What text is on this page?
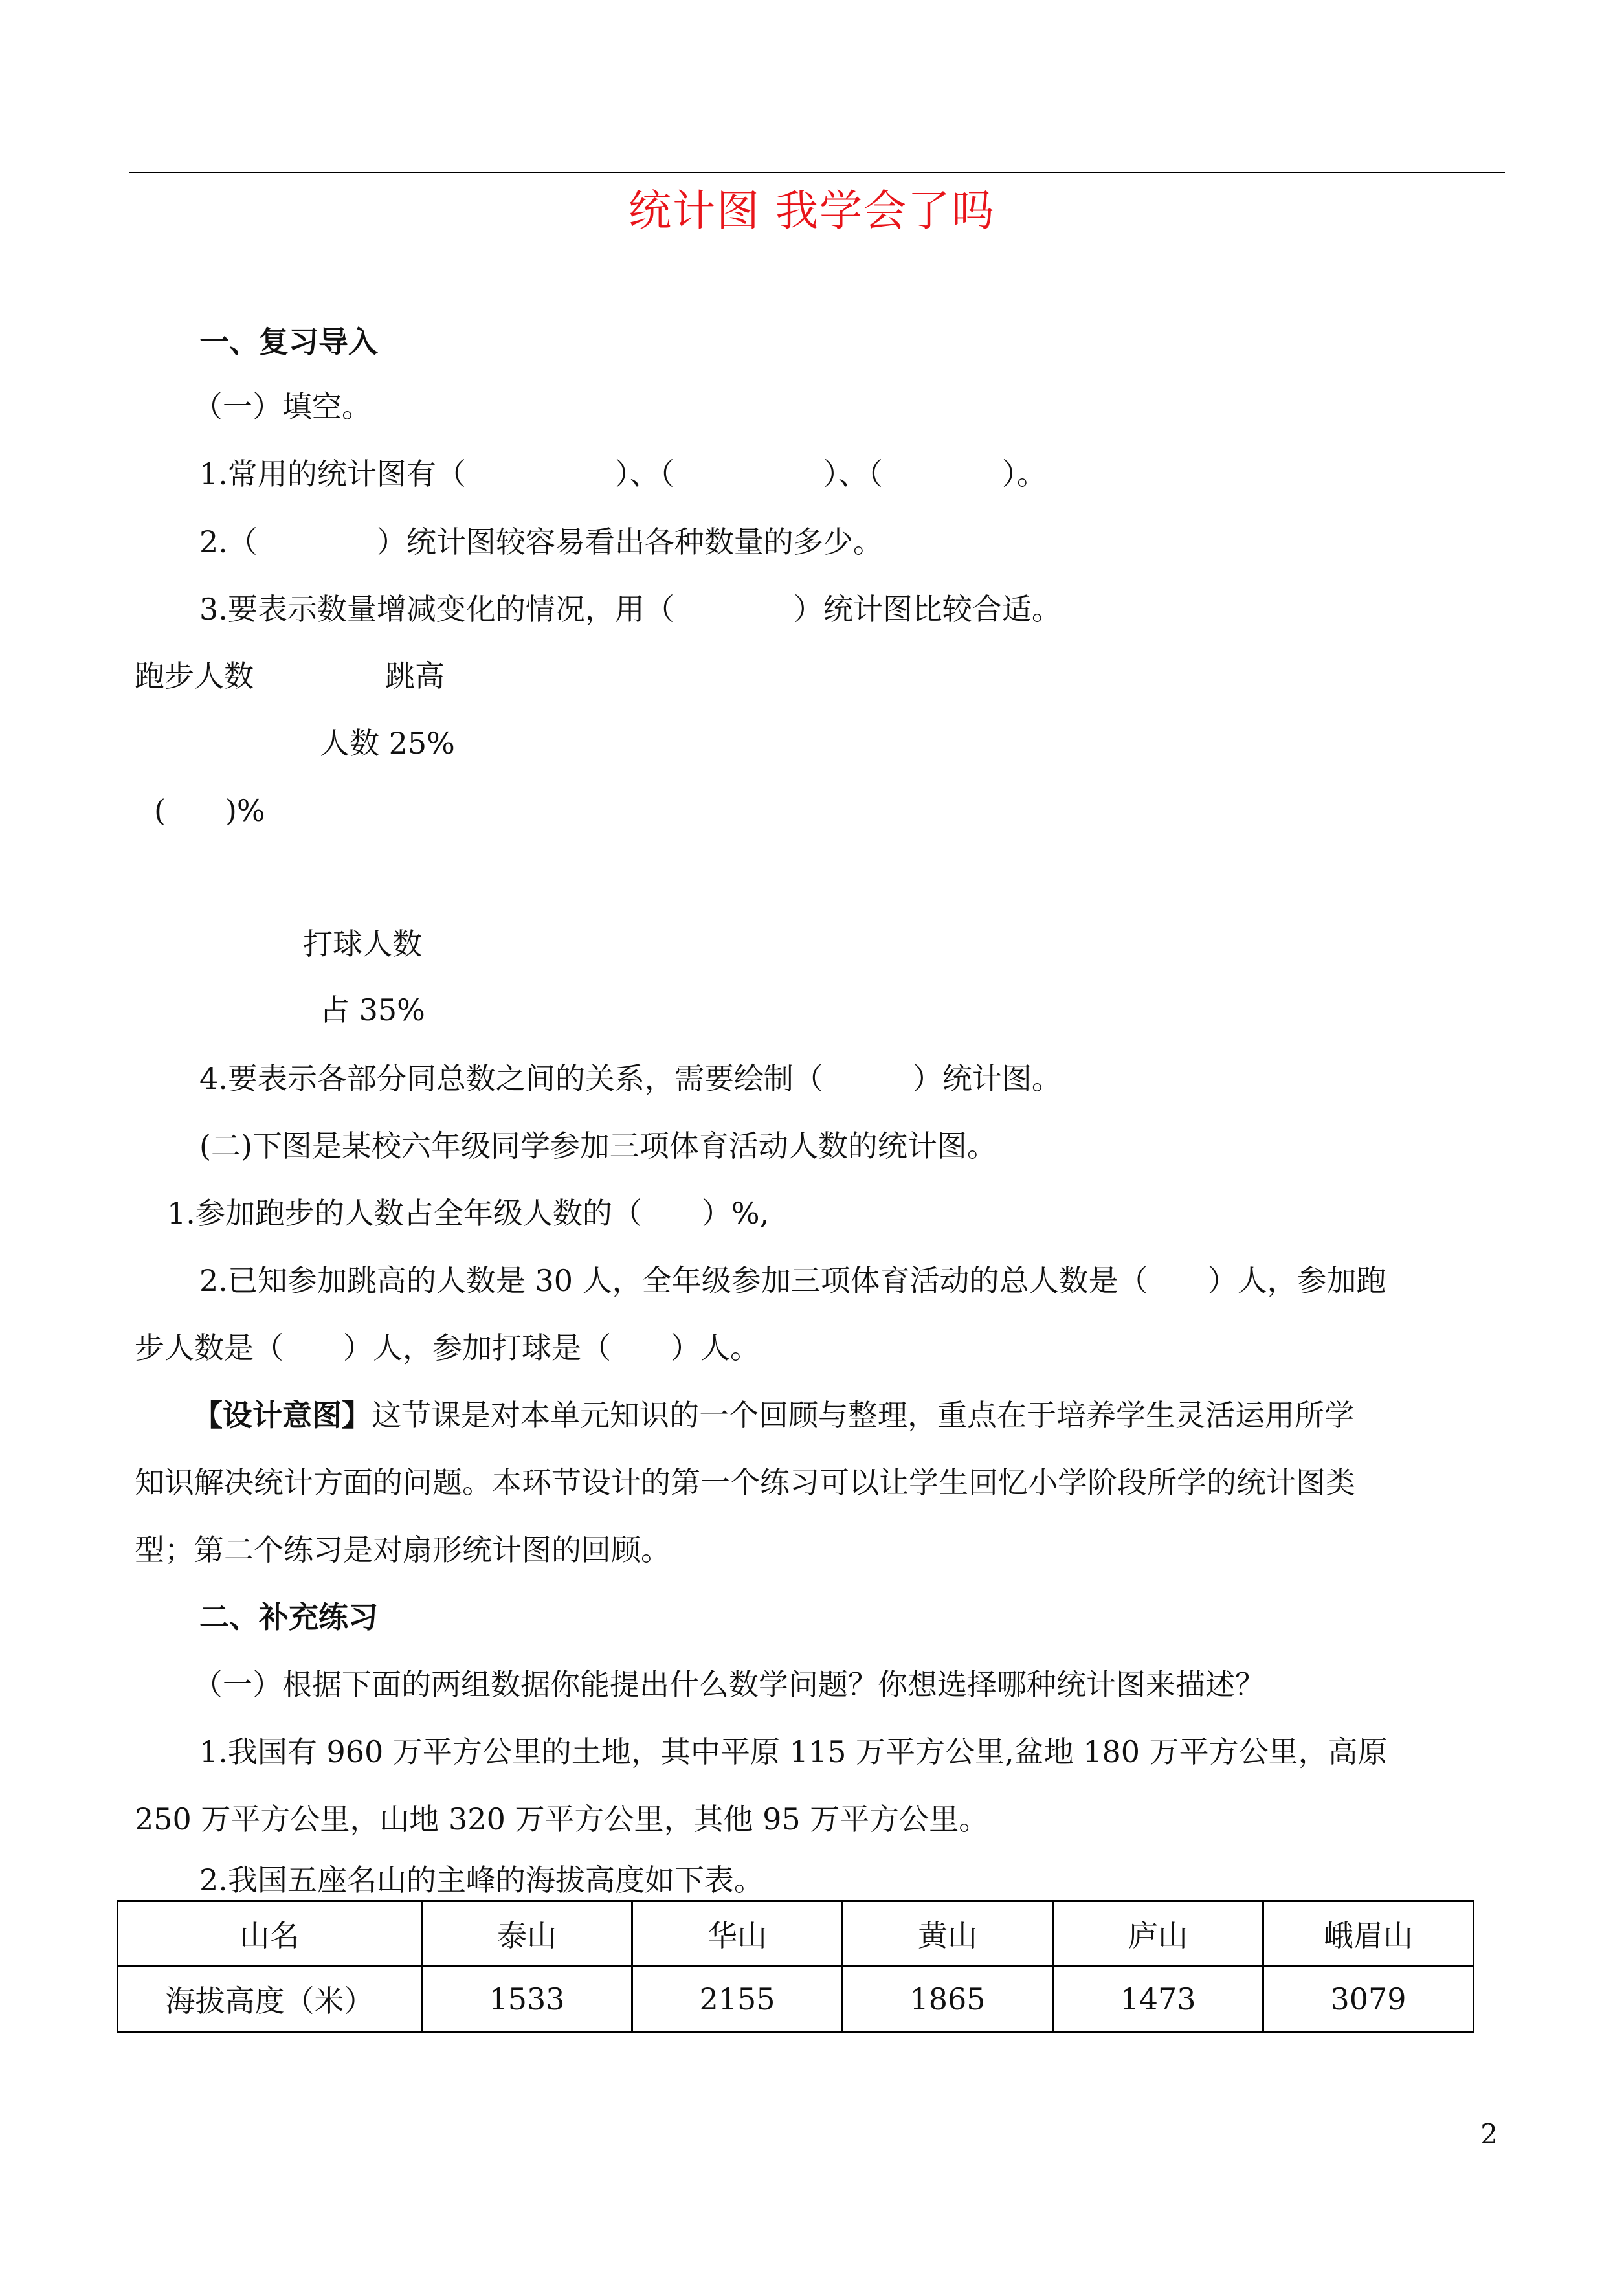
统计图 我学会了吗
一、复习导入
（一）填空。
1.常用的统计图有（　　　　　）、（　　　　　）、（　　　　）。
2.（　　　　）统计图较容易看出各种数量的多少。
3.要表示数量增减变化的情况，用（　　　　）统计图比较合适。
跑步人数	跳高
人数 25%
(　　)%
打球人数
占 35%
4.要表示各部分同总数之间的关系，需要绘制（　　　）统计图。
(二)下图是某校六年级同学参加三项体育活动人数的统计图。
1.参加跑步的人数占全年级人数的（　　）%,
2.已知参加跳高的人数是 30 人，全年级参加三项体育活动的总人数是（　　）人，参加跑
步人数是（　　）人，参加打球是（　　）人。
【设计意图】这节课是对本单元知识的一个回顾与整理，重点在于培养学生灵活运用所学
知识解决统计方面的问题。本环节设计的第一个练习可以让学生回忆小学阶段所学的统计图类
型；第二个练习是对扇形统计图的回顾。
二、补充练习
（一）根据下面的两组数据你能提出什么数学问题？你想选择哪种统计图来描述？
1.我国有 960 万平方公里的土地，其中平原 115 万平方公里,盆地 180 万平方公里，高原
250 万平方公里，山地 320 万平方公里，其他 95 万平方公里。
2.我国五座名山的主峰的海拔高度如下表。
山名	泰山	华山	黄山	庐山	峨眉山
海拔高度（米）	1533	2155	1865	1473	3079
2
